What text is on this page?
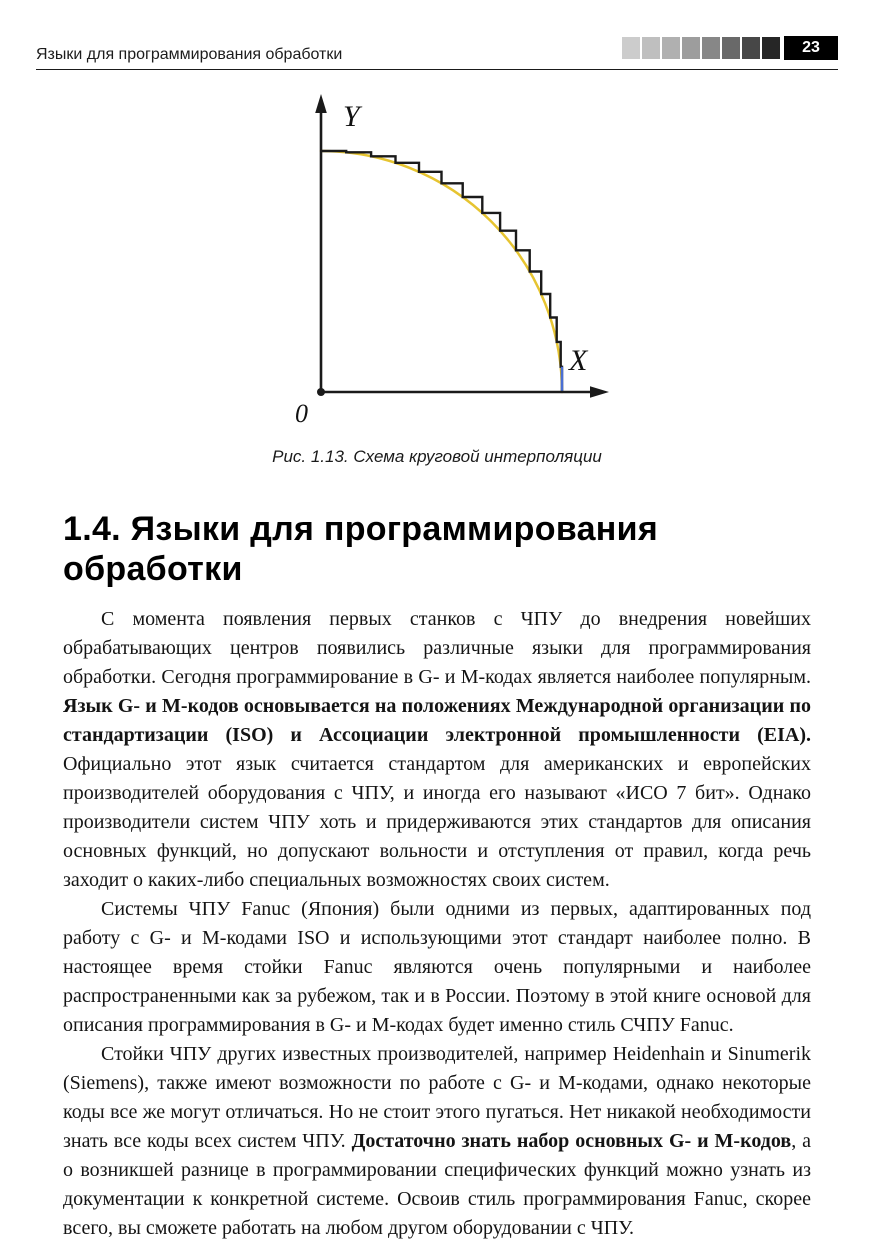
Языки для программирования обработки	23
Y
X
0
Рис. 1.13. Схема круговой интерполяции
1.4. Языки для программирования обработки

С момента появления первых станков с ЧПУ до внедрения новейших обрабатывающих центров появились различные языки для программирования обработки. Сегодня программирование в G- и M-кодах является наиболее популярным. Язык G- и M-кодов основывается на положениях Международной организации по стандартизации (ISO) и Ассоциации электронной промышленности (EIA). Официально этот язык считается стандартом для американских и европейских производителей оборудования с ЧПУ, и иногда его называют «ИСО 7 бит». Однако производители систем ЧПУ хоть и придерживаются этих стандартов для описания основных функций, но допускают вольности и отступления от правил, когда речь заходит о каких-либо специальных возможностях своих систем.

Системы ЧПУ Fanuc (Япония) были одними из первых, адаптированных под работу с G- и M-кодами ISO и использующими этот стандарт наиболее полно. В настоящее время стойки Fanuc являются очень популярными и наиболее распространенными как за рубежом, так и в России. Поэтому в этой книге основой для описания программирования в G- и M-кодах будет именно стиль СЧПУ Fanuc.

Стойки ЧПУ других известных производителей, например Heidenhain и Sinumerik (Siemens), также имеют возможности по работе с G- и M-кодами, однако некоторые коды все же могут отличаться. Но не стоит этого пугаться. Нет никакой необходимости знать все коды всех систем ЧПУ. Достаточно знать набор основных G- и M-кодов, а о возникшей разнице в программировании специфических функций можно узнать из документации к конкретной системе. Освоив стиль программирования Fanuc, скорее всего, вы сможете работать на любом другом оборудовании с ЧПУ.
